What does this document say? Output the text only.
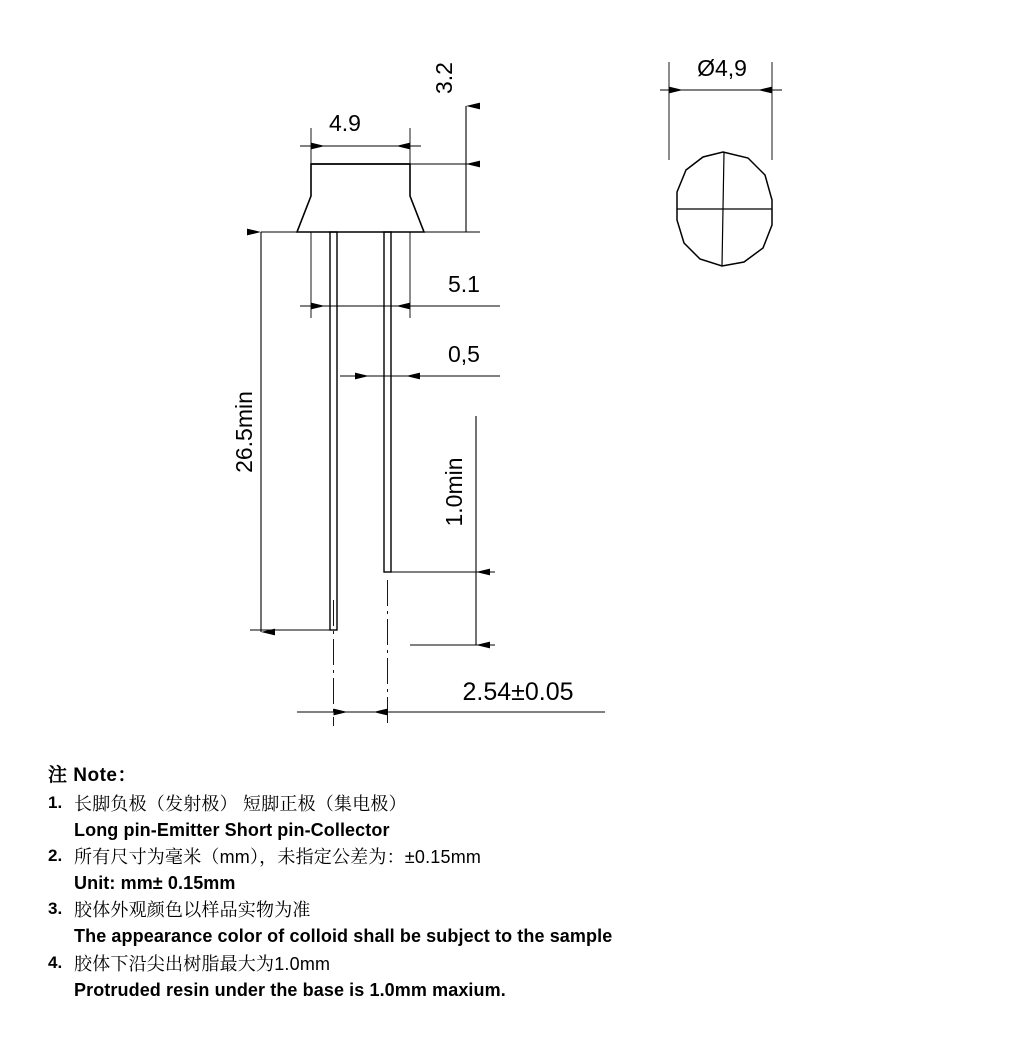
4.9
3.2
5.1
0,5
26.5min
1.0min
2.54±0.05
Ø4,9
注 Note：
1. 长脚负极（发射极） 短脚正极（集电极）
Long pin-Emitter Short pin-Collector
2. 所有尺寸为毫米（mm），未指定公差为：±0.15mm
Unit: mm± 0.15mm
3. 胶体外观颜色以样品实物为准
The appearance color of colloid shall be subject to the sample
4. 胶体下沿尖出树脂最大为1.0mm
Protruded resin under the base is 1.0mm maxium.
